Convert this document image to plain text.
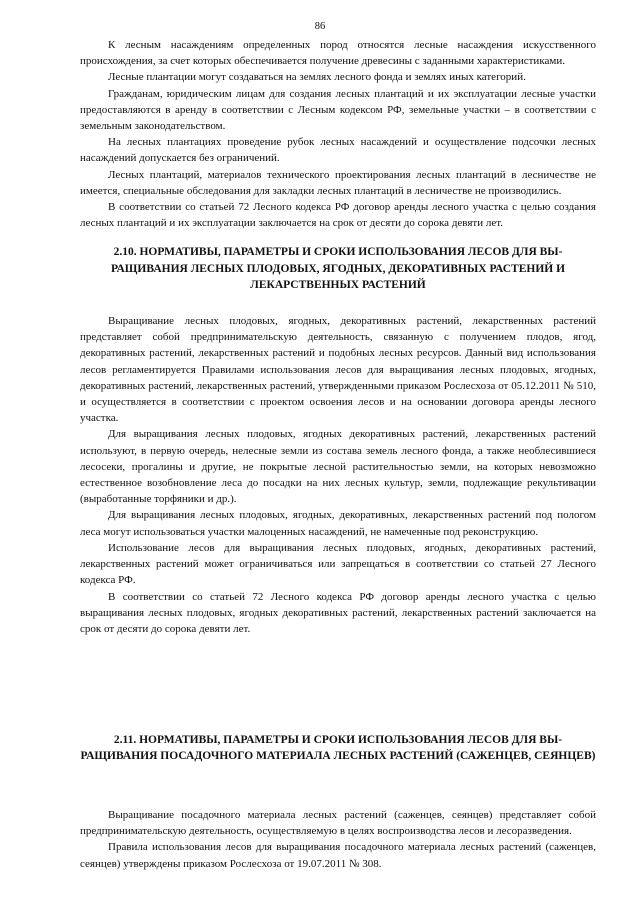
86

К лесным насаждениям определенных пород относятся лесные насаждения искусственного происхождения, за счет которых обеспечивается получение древесины с заданными характеристиками.

Лесные плантации могут создаваться на землях лесного фонда и землях иных категорий.

Гражданам, юридическим лицам для создания лесных плантаций и их эксплуатации лесные участки предоставляются в аренду в соответствии с Лесным кодексом РФ, земельные участки – в соответствии с земельным законодательством.

На лесных плантациях проведение рубок лесных насаждений и осуществление подсочки лесных насаждений допускается без ограничений.

Лесных плантаций, материалов технического проектирования лесных плантаций в лесничестве не имеется, специальные обследования для закладки лесных плантаций в лесничестве не производились.

В соответствии со статьей 72 Лесного кодекса РФ договор аренды лесного участка с целью создания лесных плантаций и их эксплуатации заключается на срок от десяти до сорока девяти лет.

2.10. НОРМАТИВЫ, ПАРАМЕТРЫ И СРОКИ ИСПОЛЬЗОВАНИЯ ЛЕСОВ ДЛЯ ВЫРАЩИВАНИЯ ЛЕСНЫХ ПЛОДОВЫХ, ЯГОДНЫХ, ДЕКОРАТИВНЫХ РАСТЕНИЙ И ЛЕКАРСТВЕННЫХ РАСТЕНИЙ

Выращивание лесных плодовых, ягодных, декоративных растений, лекарственных растений представляет собой предпринимательскую деятельность, связанную с получением плодов, ягод, декоративных растений, лекарственных растений и подобных лесных ресурсов. Данный вид использования лесов регламентируется Правилами использования лесов для выращивания лесных плодовых, ягодных, декоративных растений, лекарственных растений, утвержденными приказом Рослесхоза от 05.12.2011 № 510, и осуществляется в соответствии с проектом освоения лесов и на основании договора аренды лесного участка.

Для выращивания лесных плодовых, ягодных декоративных растений, лекарственных растений используют, в первую очередь, нелесные земли из состава земель лесного фонда, а также необлесившиеся лесосеки, прогалины и другие, не покрытые лесной растительностью земли, на которых невозможно естественное возобновление леса до посадки на них лесных культур, земли, подлежащие рекультивации (выработанные торфяники и др.).

Для выращивания лесных плодовых, ягодных, декоративных, лекарственных растений под пологом леса могут использоваться участки малоценных насаждений, не намеченные под реконструкцию.

Использование лесов для выращивания лесных плодовых, ягодных, декоративных растений, лекарственных растений может ограничиваться или запрещаться в соответствии со статьей 27 Лесного кодекса РФ.

В соответствии со статьей 72 Лесного кодекса РФ договор аренды лесного участка с целью выращивания лесных плодовых, ягодных декоративных растений, лекарственных растений заключается на срок от десяти до сорока девяти лет.

2.11. НОРМАТИВЫ, ПАРАМЕТРЫ И СРОКИ ИСПОЛЬЗОВАНИЯ ЛЕСОВ ДЛЯ ВЫРАЩИВАНИЯ ПОСАДОЧНОГО МАТЕРИАЛА ЛЕСНЫХ РАСТЕНИЙ (САЖЕНЦЕВ, СЕЯНЦЕВ)

Выращивание посадочного материала лесных растений (саженцев, сеянцев) представляет собой предпринимательскую деятельность, осуществляемую в целях воспроизводства лесов и лесоразведения.

Правила использования лесов для выращивания посадочного материала лесных растений (саженцев, сеянцев) утверждены приказом Рослесхоза от 19.07.2011 № 308.
